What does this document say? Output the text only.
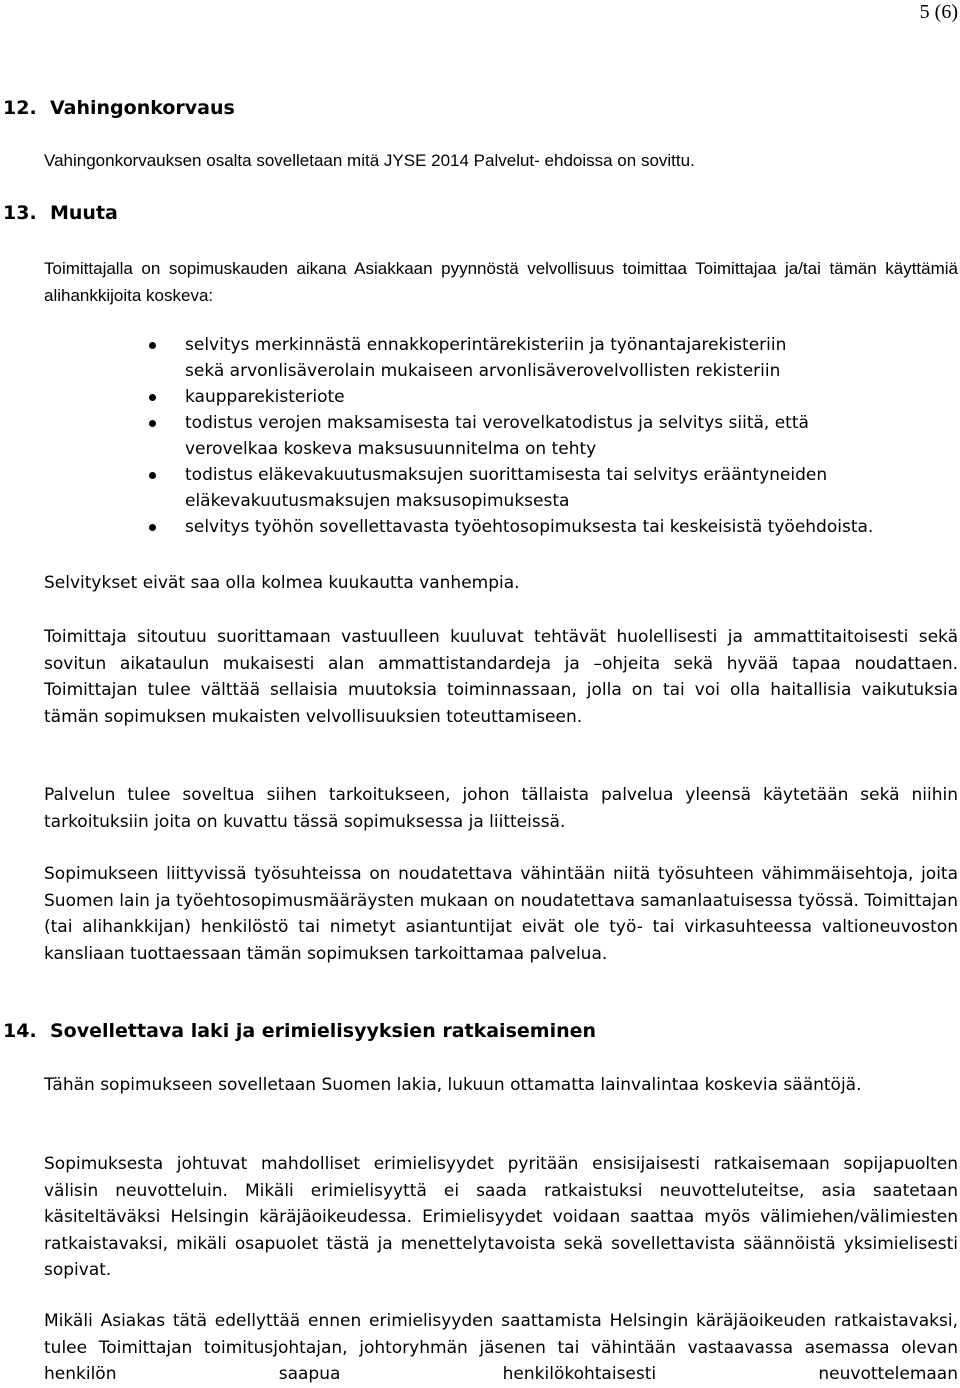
5 (6)
12. Vahingonkorvaus
Vahingonkorvauksen osalta sovelletaan mitä JYSE 2014 Palvelut- ehdoissa on sovittu.
13. Muuta
Toimittajalla on sopimuskauden aikana Asiakkaan pyynnöstä velvollisuus toimittaa Toimittajaa ja/tai tämän käyttämiä alihankkijoita koskeva:
selvitys merkinnästä ennakkoperintärekisteriin ja työnantajarekisteriin
sekä arvonlisäverolain mukaiseen arvonlisäverovelvollisten rekisteriin
kaupparekisteriote
todistus verojen maksamisesta tai verovelkatodistus ja selvitys siitä, että
verovelkaa koskeva maksusuunnitelma on tehty
todistus eläkevakuutusmaksujen suorittamisesta tai selvitys erääntyneiden
eläkevakuutusmaksujen maksusopimuksesta
selvitys työhön sovellettavasta työehtosopimuksesta tai keskeisistä työehdoista.
Selvitykset eivät saa olla kolmea kuukautta vanhempia.
Toimittaja sitoutuu suorittamaan vastuulleen kuuluvat tehtävät huolellisesti ja ammattitaitoisesti sekä sovitun aikataulun mukaisesti alan ammattistandardeja ja –ohjeita sekä hyvää tapaa noudattaen. Toimittajan tulee välttää sellaisia muutoksia toiminnassaan, jolla on tai voi olla haitallisia vaikutuksia tämän sopimuksen mukaisten velvollisuuksien toteuttamiseen.
Palvelun tulee soveltua siihen tarkoitukseen, johon tällaista palvelua yleensä käytetään sekä niihin tarkoituksiin joita on kuvattu tässä sopimuksessa ja liitteissä.
Sopimukseen liittyvissä työsuhteissa on noudatettava vähintään niitä työsuhteen vähimmäisehtoja, joita Suomen lain ja työehtosopimusmääräysten mukaan on noudatettava samanlaatuisessa työssä. Toimittajan (tai alihankkijan) henkilöstö tai nimetyt asiantuntijat eivät ole työ- tai virkasuhteessa valtioneuvoston kansliaan tuottaessaan tämän sopimuksen tarkoittamaa palvelua.
14. Sovellettava laki ja erimielisyyksien ratkaiseminen
Tähän sopimukseen sovelletaan Suomen lakia, lukuun ottamatta lainvalintaa koskevia sääntöjä.
Sopimuksesta johtuvat mahdolliset erimielisyydet pyritään ensisijaisesti ratkaisemaan sopijapuolten välisin neuvotteluin. Mikäli erimielisyyttä ei saada ratkaistuksi neuvotteluteitse, asia saatetaan käsiteltäväksi Helsingin käräjäoikeudessa. Erimielisyydet voidaan saattaa myös välimiehen/välimiesten ratkaistavaksi, mikäli osapuolet tästä ja menettelytavoista sekä sovellettavista säännöistä yksimielisesti sopivat.
Mikäli Asiakas tätä edellyttää ennen erimielisyyden saattamista Helsingin käräjäoikeuden ratkaistavaksi, tulee Toimittajan toimitusjohtajan, johtoryhmän jäsenen tai vähintään vastaavassa asemassa olevan henkilön saapua henkilökohtaisesti neuvottelemaan
